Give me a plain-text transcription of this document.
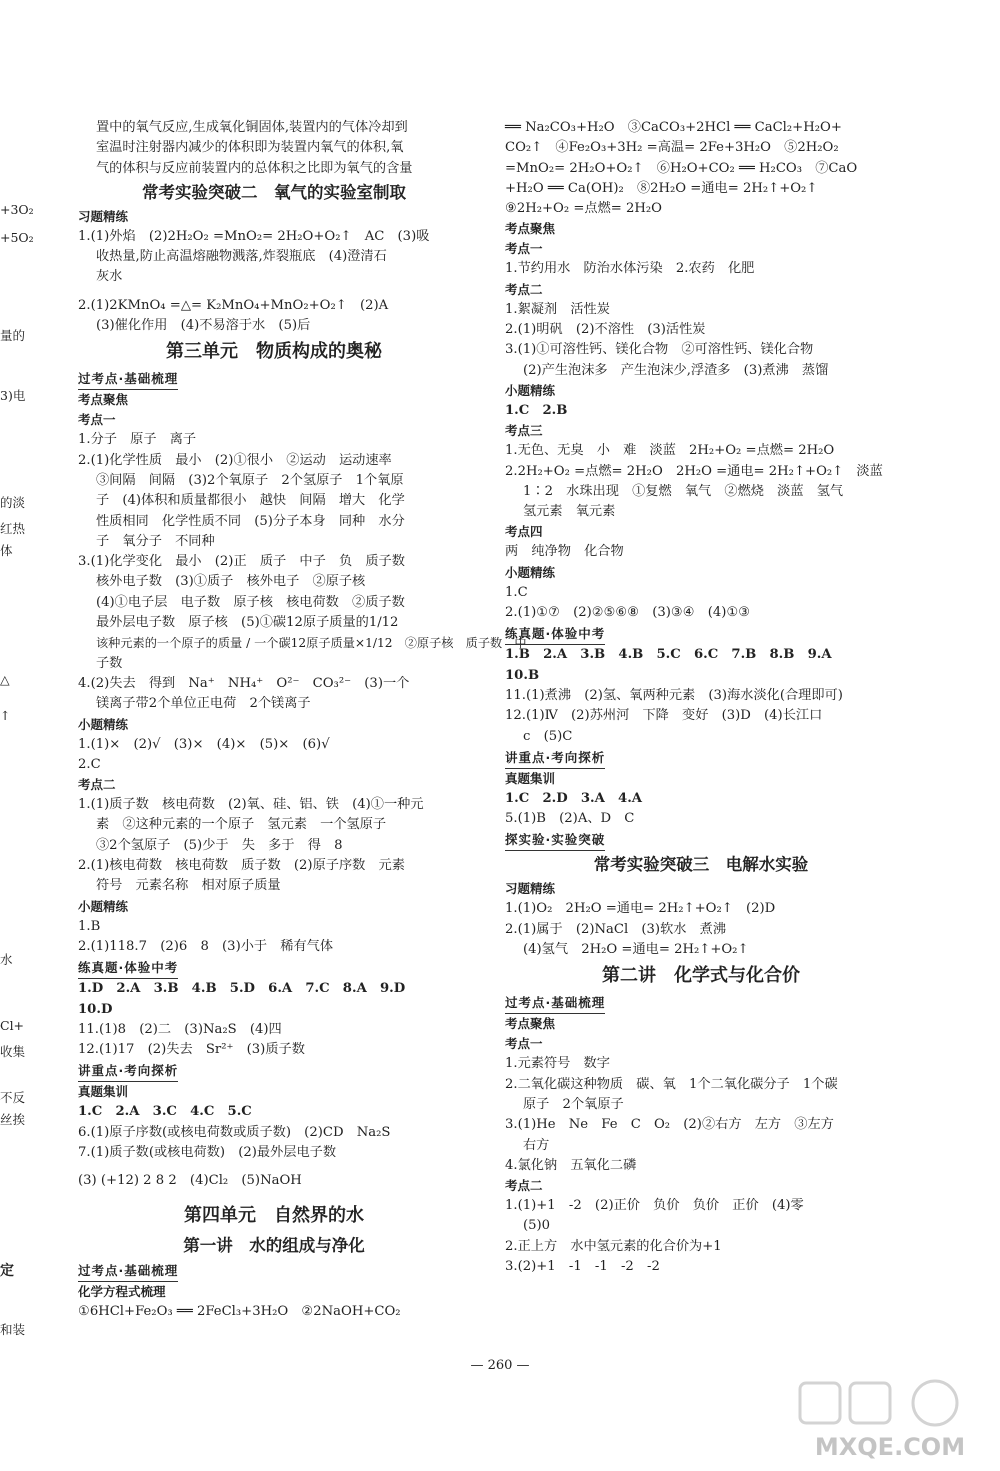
+3O₂
+5O₂
量的
3)电
的淡
红热
体
△
↑
水
Cl+
收集
不反
丝挨
定
和装
置中的氧气反应,生成氧化铜固体,装置内的气体冷却到
室温时注射器内减少的体积即为装置内氧气的体积,氧
气的体积与反应前装置内的总体积之比即为氧气的含量
常考实验突破二　氧气的实验室制取
习题精练
1.(1)外焰　(2)2H₂O₂ =MnO₂= 2H₂O+O₂↑　AC　(3)吸
收热量,防止高温熔融物溅落,炸裂瓶底　(4)澄清石
灰水
2.(1)2KMnO₄ =△= K₂MnO₄+MnO₂+O₂↑　(2)A
(3)催化作用　(4)不易溶于水　(5)后
第三单元　物质构成的奥秘
过考点·基础梳理
考点聚焦
考点一
1.分子　原子　离子
2.(1)化学性质　最小　(2)①很小　②运动　运动速率
③间隔　间隔　(3)2个氧原子　2个氢原子　1个氧原
子　(4)体积和质量都很小　越快　间隔　增大　化学
性质相同　化学性质不同　(5)分子本身　同种　水分
子　氧分子　不同种
3.(1)化学变化　最小　(2)正　质子　中子　负　质子数
核外电子数　(3)①质子　核外电子　②原子核
(4)①电子层　电子数　原子核　核电荷数　②质子数
最外层电子数　原子核　(5)①碳12原子质量的1/12
该种元素的一个原子的质量 / 一个碳12原子质量×1/12　②原子核　质子数　中
子数
4.(2)失去　得到　Na⁺　NH₄⁺　O²⁻　CO₃²⁻　(3)一个
镁离子带2个单位正电荷　2个镁离子
小题精练
1.(1)×　(2)√　(3)×　(4)×　(5)×　(6)√
2.C
考点二
1.(1)质子数　核电荷数　(2)氧、硅、铝、铁　(4)①一种元
素　②这种元素的一个原子　氢元素　一个氢原子
③2个氢原子　(5)少于　失　多于　得　8
2.(1)核电荷数　核电荷数　质子数　(2)原子序数　元素
符号　元素名称　相对原子质量
小题精练
1.B
2.(1)118.7　(2)6　8　(3)小于　稀有气体
练真题·体验中考
1.D　2.A　3.B　4.B　5.D　6.A　7.C　8.A　9.D
10.D
11.(1)8　(2)二　(3)Na₂S　(4)四
12.(1)17　(2)失去　Sr²⁺　(3)质子数
讲重点·考向探析
真题集训
1.C　2.A　3.C　4.C　5.C
6.(1)原子序数(或核电荷数或质子数)　(2)CD　Na₂S
7.(1)质子数(或核电荷数)　(2)最外层电子数
(3) (+12) 2 8 2　(4)Cl₂　(5)NaOH
第四单元　自然界的水
第一讲　水的组成与净化
过考点·基础梳理
化学方程式梳理
①6HCl+Fe₂O₃ ══ 2FeCl₃+3H₂O　②2NaOH+CO₂
══ Na₂CO₃+H₂O　③CaCO₃+2HCl ══ CaCl₂+H₂O+
CO₂↑　④Fe₂O₃+3H₂ =高温= 2Fe+3H₂O　⑤2H₂O₂
=MnO₂= 2H₂O+O₂↑　⑥H₂O+CO₂ ══ H₂CO₃　⑦CaO
+H₂O ══ Ca(OH)₂　⑧2H₂O =通电= 2H₂↑+O₂↑
⑨2H₂+O₂ =点燃= 2H₂O
考点聚焦
考点一
1.节约用水　防治水体污染　2.农药　化肥
考点二
1.絮凝剂　活性炭
2.(1)明矾　(2)不溶性　(3)活性炭
3.(1)①可溶性钙、镁化合物　②可溶性钙、镁化合物
(2)产生泡沫多　产生泡沫少,浮渣多　(3)煮沸　蒸馏
小题精练
1.C　2.B
考点三
1.无色、无臭　小　难　淡蓝　2H₂+O₂ =点燃= 2H₂O
2.2H₂+O₂ =点燃= 2H₂O　2H₂O =通电= 2H₂↑+O₂↑　淡蓝
1∶2　水珠出现　①复燃　氧气　②燃烧　淡蓝　氢气
氢元素　氧元素
考点四
两　纯净物　化合物
小题精练
1.C
2.(1)①⑦　(2)②⑤⑥⑧　(3)③④　(4)①③
练真题·体验中考
1.B　2.A　3.B　4.B　5.C　6.C　7.B　8.B　9.A
10.B
11.(1)煮沸　(2)氢、氧两种元素　(3)海水淡化(合理即可)
12.(1)Ⅳ　(2)苏州河　下降　变好　(3)D　(4)长江口
c　(5)C
讲重点·考向探析
真题集训
1.C　2.D　3.A　4.A
5.(1)B　(2)A、D　C
探实验·实验突破
常考实验突破三　电解水实验
习题精练
1.(1)O₂　2H₂O =通电= 2H₂↑+O₂↑　(2)D
2.(1)属于　(2)NaCl　(3)软水　煮沸
(4)氢气　2H₂O =通电= 2H₂↑+O₂↑
第二讲　化学式与化合价
过考点·基础梳理
考点聚焦
考点一
1.元素符号　数字
2.二氧化碳这种物质　碳、氧　1个二氧化碳分子　1个碳
原子　2个氧原子
3.(1)He　Ne　Fe　C　O₂　(2)②右方　左方　③左方
右方
4.氯化钠　五氧化二磷
考点二
1.(1)+1　-2　(2)正价　负价　负价　正价　(4)零
(5)0
2.正上方　水中氢元素的化合价为+1
3.(2)+1　-1　-1　-2　-2
— 260 —
MXQE.COM
